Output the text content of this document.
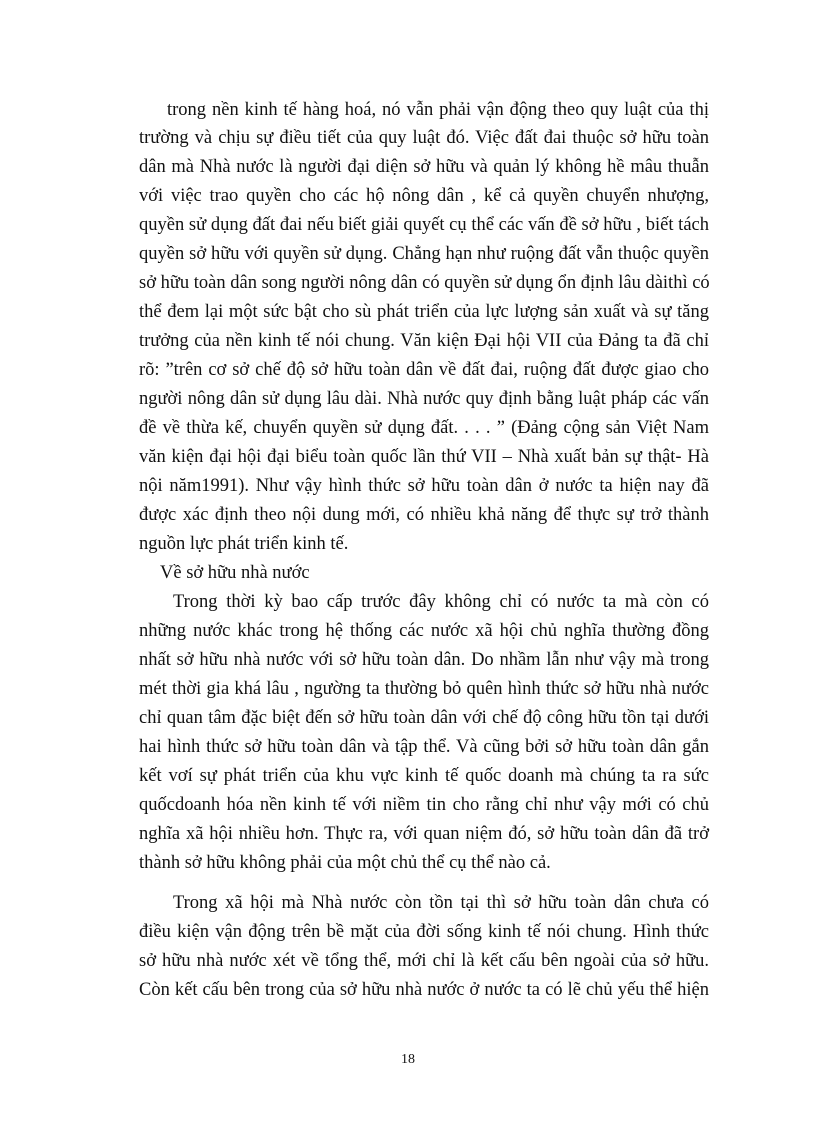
trong nền kinh tế hàng hoá, nó vẫn phải vận động theo quy luật của thị
trường và chịu sự điều tiết của quy luật đó. Việc đất đai thuộc sở hữu toàn
dân mà Nhà nước là người đại diện sở hữu và quản lý không hề mâu thuẫn
với việc trao quyền cho các hộ nông dân , kể cả quyền chuyển nhượng,
quyền sử dụng đất đai nếu biết giải quyết cụ thể các vấn đề sở hữu , biết tách
quyền sở hữu với quyền sử dụng. Chẳng hạn như ruộng đất vẫn thuộc quyền
sở hữu toàn dân song người nông dân có quyền sử dụng ổn định lâu dàithì có
thể đem lại một sức bật cho sù phát triển của lực lượng sản xuất và sự tăng
trưởng của nền kinh tế nói chung. Văn kiện Đại hội VII của Đảng ta đã chỉ
rõ: ”trên cơ sở chế độ sở hữu toàn dân về đất đai, ruộng đất được giao cho
người nông dân sử dụng lâu dài. Nhà nước quy định bằng luật pháp các vấn
đề về thừa kế, chuyển quyền sử dụng đất. . . . ” (Đảng cộng sản Việt Nam
văn kiện đại hội đại biểu toàn quốc lần thứ VII – Nhà xuất bản sự thật- Hà
nội năm1991). Như vậy hình thức sở hữu toàn dân ở nước ta hiện nay đã
được xác định theo nội dung mới, có nhiều khả năng để thực sự trở thành
nguồn lực phát triển kinh tế.
Về sở hữu nhà nước
Trong thời kỳ bao cấp trước đây không chỉ có nước ta mà còn có
những nước khác trong hệ thống các nước xã hội chủ nghĩa thường đồng
nhất sở hữu nhà nước với sở hữu toàn dân. Do nhầm lẫn như vậy mà trong
mét thời gia khá lâu , ngường ta thường bỏ quên hình thức sở hữu nhà nước
chỉ quan tâm đặc biệt đến sở hữu toàn dân với chế độ công hữu tồn tại dưới
hai hình thức sở hữu toàn dân và tập thể. Và cũng bởi sở hữu toàn dân gắn
kết vơí sự phát triển của khu vực kinh tế quốc doanh mà chúng ta ra sức
quốcdoanh hóa nền kinh tế với niềm tin cho rằng chỉ như vậy mới có chủ
nghĩa xã hội nhiều hơn. Thực ra, với quan niệm đó, sở hữu toàn dân đã trở
thành sở hữu không phải của một chủ thể cụ thể nào cả.
Trong xã hội mà Nhà nước còn tồn tại thì sở hữu toàn dân chưa có
điều kiện vận động trên bề mặt của đời sống kinh tế nói chung. Hình thức
sở hữu nhà nước xét về tổng thể, mới chỉ là kết cấu bên ngoài của sở hữu.
Còn kết cấu bên trong của sở hữu nhà nước ở nước ta có lẽ chủ yếu thể hiện
18
